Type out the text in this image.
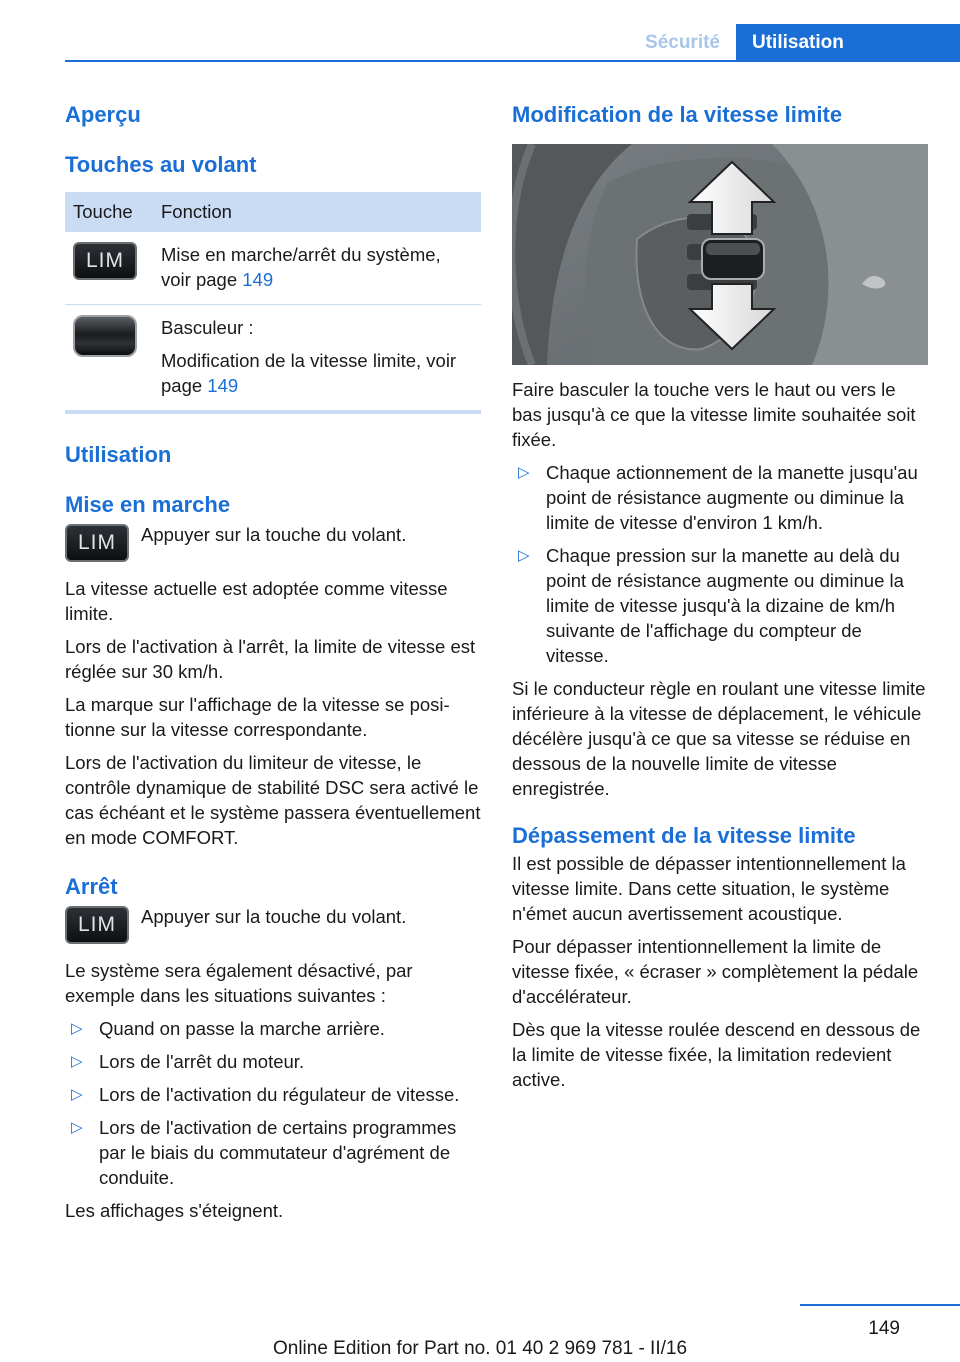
Sécurité	Utilisation
Aperçu
Touches au volant
Touche	Fonction
LIM	Mise en marche/arrêt du système, voir page 149

	Basculeur :
Modification de la vitesse limite, voir page 149
Utilisation
Mise en marche
LIM	Appuyer sur la touche du volant.

La vitesse actuelle est adoptée comme vitesse limite.

Lors de l'activation à l'arrêt, la limite de vitesse est réglée sur 30 km/h.

La marque sur l'affichage de la vitesse se positionne sur la vitesse correspondante.

Lors de l'activation du limiteur de vitesse, le contrôle dynamique de stabilité DSC sera activé le cas échéant et le système passera éventuellement en mode COMFORT.

Arrêt
LIM	Appuyer sur la touche du volant.

Le système sera également désactivé, par exemple dans les situations suivantes :

▷ Quand on passe la marche arrière.
▷ Lors de l'arrêt du moteur.
▷ Lors de l'activation du régulateur de vitesse.
▷ Lors de l'activation de certains programmes par le biais du commutateur d'agrément de conduite.

Les affichages s'éteignent.

Modification de la vitesse limite

Faire basculer la touche vers le haut ou vers le bas jusqu'à ce que la vitesse limite souhaitée soit fixée.

▷ Chaque actionnement de la manette jusqu'au point de résistance augmente ou diminue la limite de vitesse d'environ 1 km/h.
▷ Chaque pression sur la manette au delà du point de résistance augmente ou diminue la limite de vitesse jusqu'à la dizaine de km/h suivante de l'affichage du compteur de vitesse.

Si le conducteur règle en roulant une vitesse limite inférieure à la vitesse de déplacement, le véhicule décélère jusqu'à ce que sa vitesse se réduise en dessous de la nouvelle limite de vitesse enregistrée.

Dépassement de la vitesse limite

Il est possible de dépasser intentionnellement la vitesse limite. Dans cette situation, le système n'émet aucun avertissement acoustique.

Pour dépasser intentionnellement la limite de vitesse fixée, « écraser » complètement la pédale d'accélérateur.

Dès que la vitesse roulée descend en dessous de la limite de vitesse fixée, la limitation redevient active.

149
Online Edition for Part no. 01 40 2 969 781 - II/16
